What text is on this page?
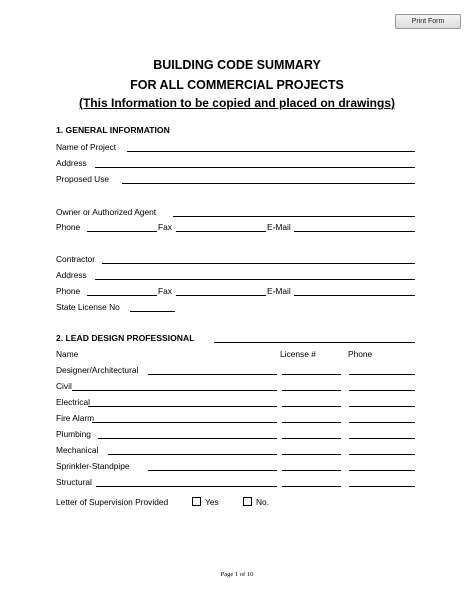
Print Form
BUILDING CODE SUMMARY
FOR ALL COMMERCIAL PROJECTS
(This Information to be copied and placed on drawings)
1. GENERAL INFORMATION
Name of Project
Address
Proposed Use
Owner or Authorized Agent
Phone	Fax	E-Mail
Contractor
Address
Phone	Fax	E-Mail
State License No
2. LEAD DESIGN PROFESSIONAL
Name	License #	Phone
Designer/Architectural
Civil
Electrical
Fire Alarm
Plumbing
Mechanical
Sprinkler-Standpipe
Structural
Letter of Supervision Provided	Yes	No.
Page 1 of 10
